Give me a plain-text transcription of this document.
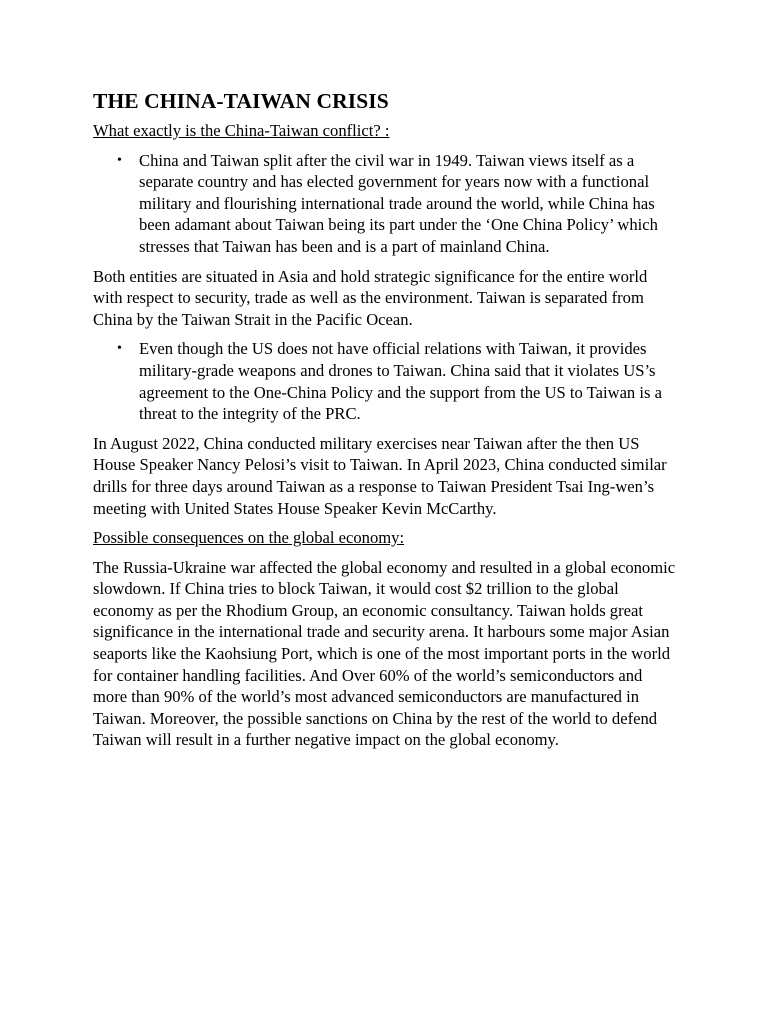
THE CHINA-TAIWAN CRISIS
What exactly is the China-Taiwan conflict? :
• China and Taiwan split after the civil war in 1949. Taiwan views itself as a separate country and has elected government for years now with a functional military and flourishing international trade around the world, while China has been adamant about Taiwan being its part under the ‘One China Policy’ which stresses that Taiwan has been and is a part of mainland China.

Both entities are situated in Asia and hold strategic significance for the entire world with respect to security, trade as well as the environment. Taiwan is separated from China by the Taiwan Strait in the Pacific Ocean.

• Even though the US does not have official relations with Taiwan, it provides military-grade weapons and drones to Taiwan. China said that it violates US’s agreement to the One-China Policy and the support from the US to Taiwan is a threat to the integrity of the PRC.

In August 2022, China conducted military exercises near Taiwan after the then US House Speaker Nancy Pelosi’s visit to Taiwan. In April 2023, China conducted similar drills for three days around Taiwan as a response to Taiwan President Tsai Ing-wen’s meeting with United States House Speaker Kevin McCarthy.

Possible consequences on the global economy:

The Russia-Ukraine war affected the global economy and resulted in a global economic slowdown. If China tries to block Taiwan, it would cost $2 trillion to the global economy as per the Rhodium Group, an economic consultancy. Taiwan holds great significance in the international trade and security arena. It harbours some major Asian seaports like the Kaohsiung Port, which is one of the most important ports in the world for container handling facilities. And Over 60% of the world’s semiconductors and more than 90% of the world’s most advanced semiconductors are manufactured in Taiwan. Moreover, the possible sanctions on China by the rest of the world to defend Taiwan will result in a further negative impact on the global economy.
